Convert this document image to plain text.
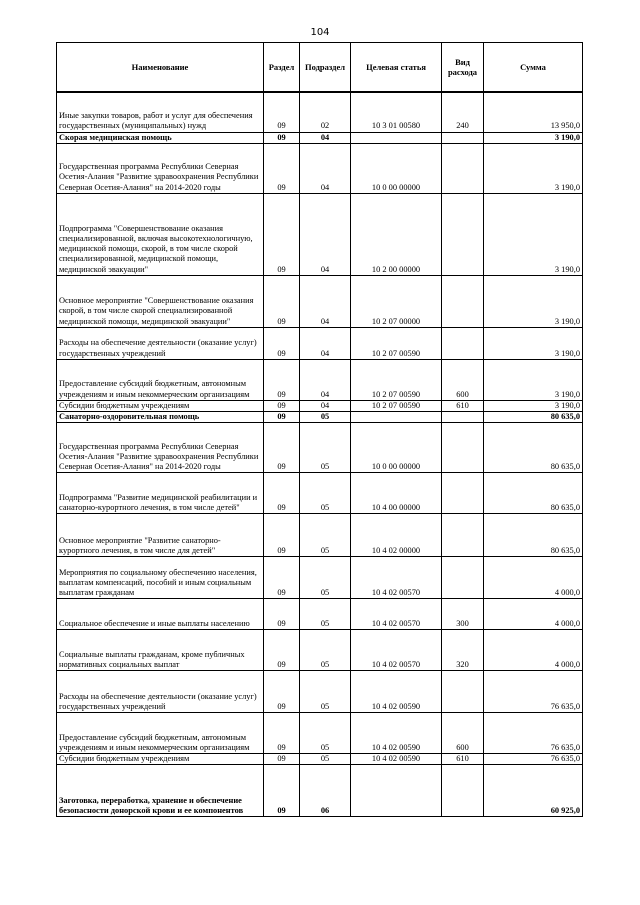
104
Наименование	Раздел	Подраздел	Целевая статья	Вид расхода	Сумма
Иные закупки товаров, работ и услуг для обеспечения государственных (муниципальных) нужд	09	02	10 3 01 00580	240	13 950,0
Скорая медицинская помощь	09	04			3 190,0
Государственная программа Республики Северная Осетия-Алания "Развитие здравоохранения Республики Северная Осетия-Алания" на 2014-2020 годы	09	04	10 0 00 00000		3 190,0
Подпрограмма "Совершенствование оказания специализированной, включая высокотехнологичную, медицинской помощи, скорой, в том числе скорой специализированной, медицинской помощи, медицинской эвакуации"	09	04	10 2 00 00000		3 190,0
Основное мероприятие "Совершенствование оказания скорой, в том числе скорой специализированной медицинской помощи, медицинской эвакуации"	09	04	10 2 07 00000		3 190,0
Расходы на обеспечение деятельности (оказание услуг) государственных учреждений	09	04	10 2 07 00590		3 190,0
Предоставление субсидий бюджетным, автономным учреждениям и иным некоммерческим организациям	09	04	10 2 07 00590	600	3 190,0
Субсидии бюджетным учреждениям	09	04	10 2 07 00590	610	3 190,0
Санаторно-оздоровительная помощь	09	05			80 635,0
Государственная программа Республики Северная Осетия-Алания "Развитие здравоохранения Республики Северная Осетия-Алания" на 2014-2020 годы	09	05	10 0 00 00000		80 635,0
Подпрограмма "Развитие медицинской реабилитации и санаторно-курортного лечения, в том числе детей"	09	05	10 4 00 00000		80 635,0
Основное мероприятие "Развитие санаторно-курортного лечения, в том числе для детей"	09	05	10 4 02 00000		80 635,0
Мероприятия по социальному обеспечению населения, выплатам компенсаций, пособий и иным социальным выплатам гражданам	09	05	10 4 02 00570		4 000,0
Социальное обеспечение и иные выплаты населению	09	05	10 4 02 00570	300	4 000,0
Социальные выплаты гражданам, кроме публичных нормативных социальных выплат	09	05	10 4 02 00570	320	4 000,0
Расходы на обеспечение деятельности (оказание услуг) государственных учреждений	09	05	10 4 02 00590		76 635,0
Предоставление субсидий бюджетным, автономным учреждениям и иным некоммерческим организациям	09	05	10 4 02 00590	600	76 635,0
Субсидии бюджетным учреждениям	09	05	10 4 02 00590	610	76 635,0
Заготовка, переработка, хранение и обеспечение безопасности донорской крови и ее компонентов	09	06			60 925,0
